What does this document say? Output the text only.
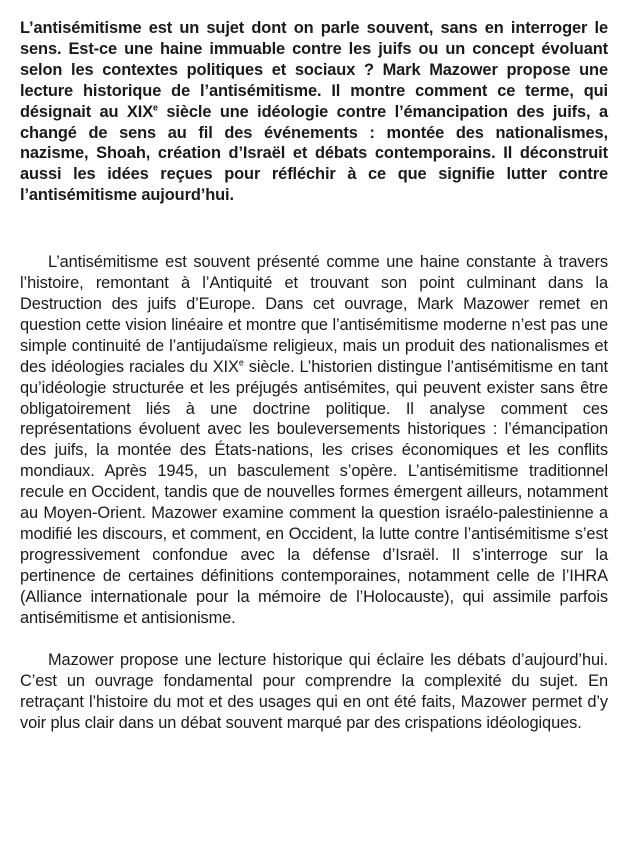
L’antisémitisme est un sujet dont on parle souvent, sans en interroger le sens. Est-ce une haine immuable contre les juifs ou un concept évoluant selon les contextes politiques et sociaux ? Mark Mazower propose une lecture historique de l’antisémitisme. Il montre comment ce terme, qui désignait au XIXe siècle une idéologie contre l’émancipation des juifs, a changé de sens au fil des événements : montée des nationalismes, nazisme, Shoah, création d’Israël et débats contemporains. Il déconstruit aussi les idées reçues pour réfléchir à ce que signifie lutter contre l’antisémitisme aujourd’hui.

L’antisémitisme est souvent présenté comme une haine constante à travers l’histoire, remontant à l’Antiquité et trouvant son point culminant dans la Destruction des juifs d’Europe. Dans cet ouvrage, Mark Mazower remet en question cette vision linéaire et montre que l’antisémitisme moderne n’est pas une simple continuité de l’antijudaïsme religieux, mais un produit des nationalismes et des idéologies raciales du XIXe siècle. L’historien distingue l’antisémitisme en tant qu’idéologie structurée et les préjugés antisémites, qui peuvent exister sans être obligatoirement liés à une doctrine politique. Il analyse comment ces représentations évoluent avec les bouleversements historiques : l’émancipation des juifs, la montée des États-nations, les crises économiques et les conflits mondiaux. Après 1945, un basculement s’opère. L’antisémitisme traditionnel recule en Occident, tandis que de nouvelles formes émergent ailleurs, notamment au Moyen-Orient. Mazower examine comment la question israélo-palestinienne a modifié les discours, et comment, en Occident, la lutte contre l’antisémitisme s’est progressivement confondue avec la défense d’Israël. Il s’interroge sur la pertinence de certaines définitions contemporaines, notamment celle de l’IHRA (Alliance internationale pour la mémoire de l’Holocauste), qui assimile parfois antisémitisme et antisionisme.

Mazower propose une lecture historique qui éclaire les débats d’aujourd’hui. C’est un ouvrage fondamental pour comprendre la complexité du sujet. En retraçant l’histoire du mot et des usages qui en ont été faits, Mazower permet d’y voir plus clair dans un débat souvent marqué par des crispations idéologiques.
